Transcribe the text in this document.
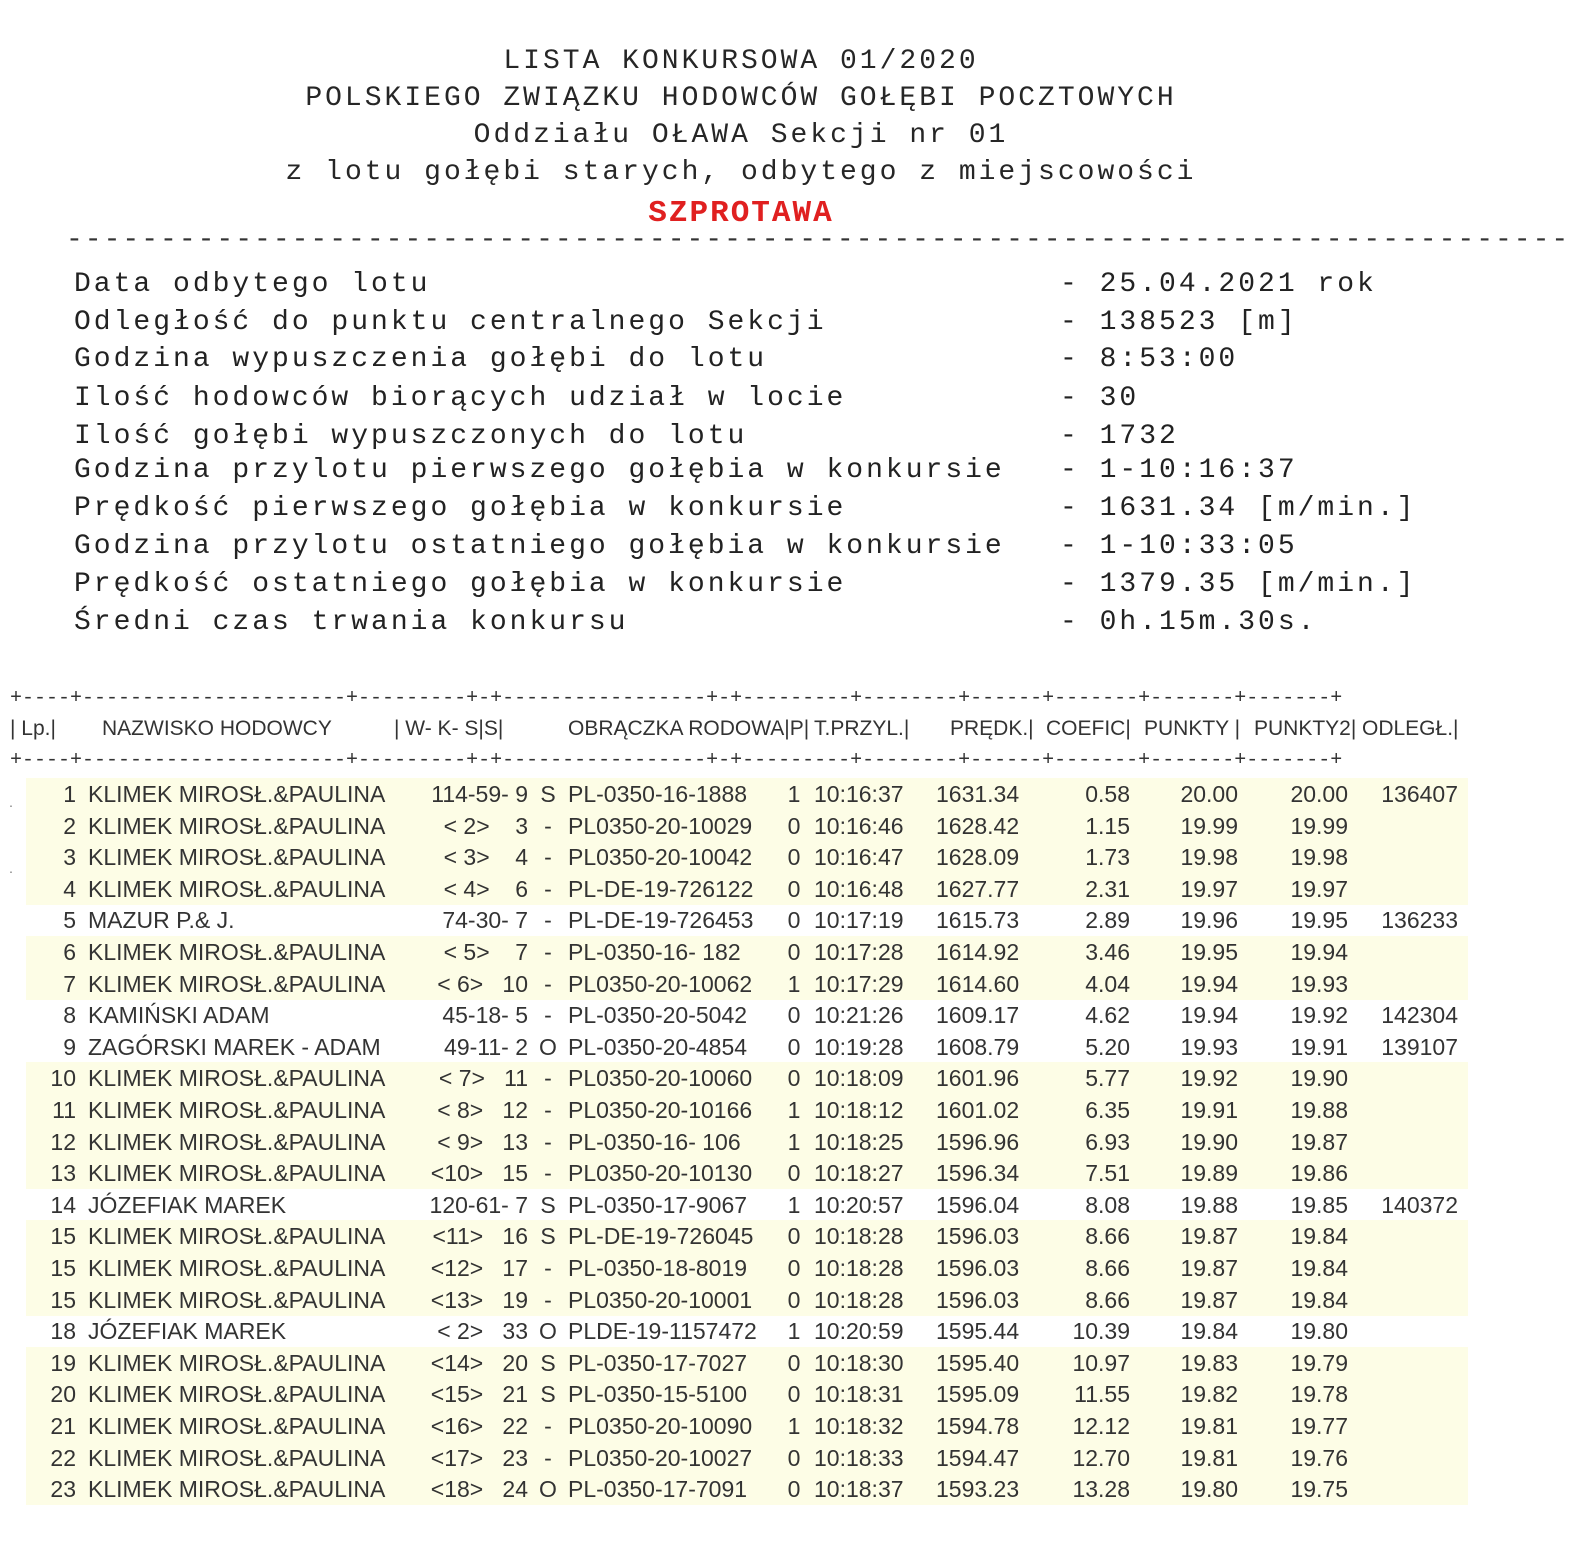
LISTA KONKURSOWA 01/2020
POLSKIEGO ZWIĄZKU HODOWCÓW GOŁĘBI POCZTOWYCH
Oddziału OŁAWA Sekcji nr 01
z lotu gołębi starych, odbytego z miejscowości
SZPROTAWA
--------------------------------------------------------------------------------
Data odbytego lotu	- 25.04.2021 rok
Odległość do punktu centralnego Sekcji	- 138523 [m]
Godzina wypuszczenia gołębi do lotu	- 8:53:00
Ilość hodowców biorących udział w locie	- 30
Ilość gołębi wypuszczonych do lotu	- 1732
Godzina przylotu pierwszego gołębia w konkursie - 1-10:16:37
Prędkość pierwszego gołębia w konkursie	- 1631.34 [m/min.]
Godzina przylotu ostatniego gołębia w konkursie - 1-10:33:05
Prędkość ostatniego gołębia w konkursie	- 1379.35 [m/min.]
Średni czas trwania konkursu	- 0h.15m.30s.
+----+----------------------+---------+-+-----------------+-+---------+--------+------+-------+-------+-------+
| Lp.| NAZWISKO HODOWCY	| W- K- S|S|	OBRĄCZKA RODOWA|P| T.PRZYL.| PRĘDK.| COEFIC| PUNKTY | PUNKTY2| ODLEGŁ.|
+----+----------------------+---------+-+-----------------+-+---------+--------+------+-------+-------+-------+
1 KLIMEK MIROSŁ.&PAULINA	114-59- 9 S PL-0350-16-1888	1 10:16:37	1631.34	0.58	20.00	20.00	136407
2 KLIMEK MIROSŁ.&PAULINA	< 2>    3 - PL0350-20-10029	0 10:16:46	1628.42	1.15	19.99	19.99
3 KLIMEK MIROSŁ.&PAULINA	< 3>    4 - PL0350-20-10042	0 10:16:47	1628.09	1.73	19.98	19.98
4 KLIMEK MIROSŁ.&PAULINA	< 4>    6 - PL-DE-19-726122	0 10:16:48	1627.77	2.31	19.97	19.97
5 MAZUR P.& J.	74-30- 7 - PL-DE-19-726453	0 10:17:19	1615.73	2.89	19.96	19.95	136233
6 KLIMEK MIROSŁ.&PAULINA	< 5>    7 - PL-0350-16- 182	0 10:17:28	1614.92	3.46	19.95	19.94
7 KLIMEK MIROSŁ.&PAULINA	< 6>   10 - PL0350-20-10062	1 10:17:29	1614.60	4.04	19.94	19.93
8 KAMIŃSKI ADAM	45-18- 5 - PL-0350-20-5042	0 10:21:26	1609.17	4.62	19.94	19.92	142304
9 ZAGÓRSKI MAREK - ADAM	49-11- 2 O PL-0350-20-4854	0 10:19:28	1608.79	5.20	19.93	19.91	139107
10 KLIMEK MIROSŁ.&PAULINA	< 7>   11 - PL0350-20-10060	0 10:18:09	1601.96	5.77	19.92	19.90
11 KLIMEK MIROSŁ.&PAULINA	< 8>   12 - PL0350-20-10166	1 10:18:12	1601.02	6.35	19.91	19.88
12 KLIMEK MIROSŁ.&PAULINA	< 9>   13 - PL-0350-16- 106	1 10:18:25	1596.96	6.93	19.90	19.87
13 KLIMEK MIROSŁ.&PAULINA	<10>   15 - PL0350-20-10130	0 10:18:27	1596.34	7.51	19.89	19.86
14 JÓZEFIAK MAREK	120-61- 7 S PL-0350-17-9067	1 10:20:57	1596.04	8.08	19.88	19.85	140372
15 KLIMEK MIROSŁ.&PAULINA	<11>   16 S PL-DE-19-726045	0 10:18:28	1596.03	8.66	19.87	19.84
15 KLIMEK MIROSŁ.&PAULINA	<12>   17 - PL-0350-18-8019	0 10:18:28	1596.03	8.66	19.87	19.84
15 KLIMEK MIROSŁ.&PAULINA	<13>   19 - PL0350-20-10001	0 10:18:28	1596.03	8.66	19.87	19.84
18 JÓZEFIAK MAREK	< 2>   33 O PLDE-19-1157472	1 10:20:59	1595.44	10.39	19.84	19.80
19 KLIMEK MIROSŁ.&PAULINA	<14>   20 S PL-0350-17-7027	0 10:18:30	1595.40	10.97	19.83	19.79
20 KLIMEK MIROSŁ.&PAULINA	<15>   21 S PL-0350-15-5100	0 10:18:31	1595.09	11.55	19.82	19.78
21 KLIMEK MIROSŁ.&PAULINA	<16>   22 - PL0350-20-10090	1 10:18:32	1594.78	12.12	19.81	19.77
22 KLIMEK MIROSŁ.&PAULINA	<17>   23 - PL0350-20-10027	0 10:18:33	1594.47	12.70	19.81	19.76
23 KLIMEK MIROSŁ.&PAULINA	<18>   24 O PL-0350-17-7091	0 10:18:37	1593.23	13.28	19.80	19.75
.
.
